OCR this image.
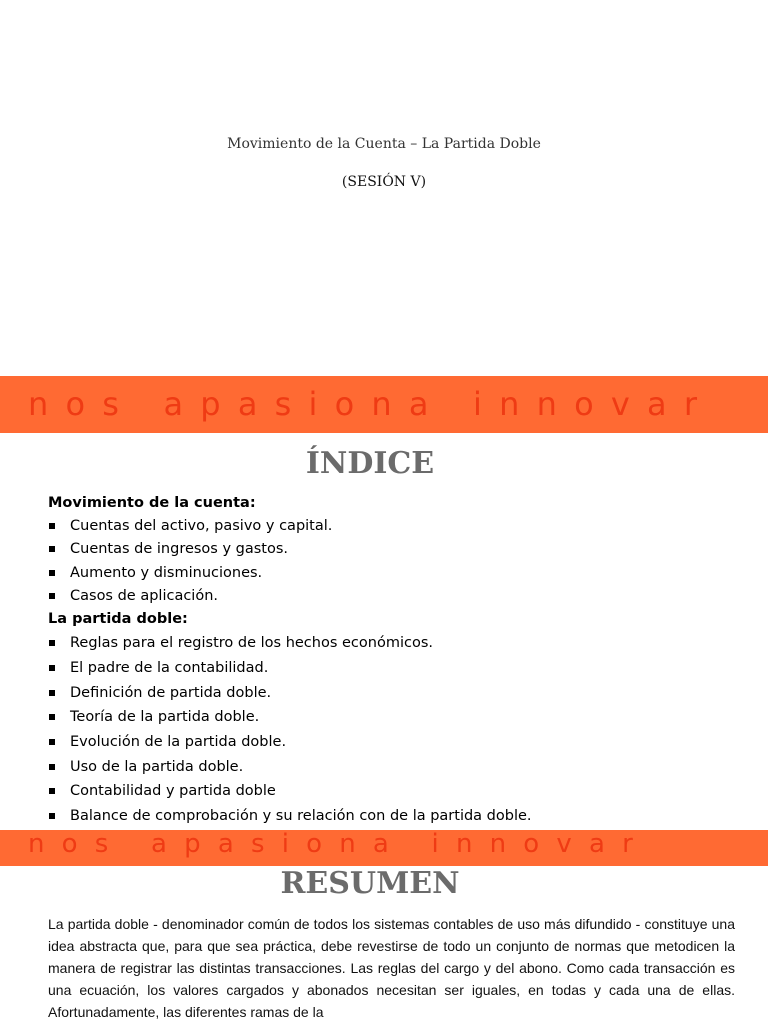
Movimiento de la Cuenta – La Partida Doble
(SESIÓN V)
nos apasiona innovar
ÍNDICE
Movimiento de la cuenta:
Cuentas del activo, pasivo y capital.
Cuentas de ingresos y gastos.
Aumento y disminuciones.
Casos de aplicación.
La partida doble:
Reglas para el registro de los hechos económicos.
El padre de la contabilidad.
Definición de partida doble.
Teoría de la partida doble.
Evolución de la partida doble.
Uso de la partida doble.
Contabilidad y partida doble
Balance de comprobación y su relación con de la partida doble.
nos apasiona innovar
RESUMEN
La partida doble - denominador común de todos los sistemas contables de uso más difundido - constituye una idea abstracta que, para que sea práctica, debe revestirse de todo un conjunto de normas que metodicen la manera de registrar las distintas transacciones. Las reglas del cargo y del abono. Como cada transacción es una ecuación, los valores cargados y abonados necesitan ser iguales, en todas y cada una de ellas. Afortunadamente, las diferentes ramas de la
